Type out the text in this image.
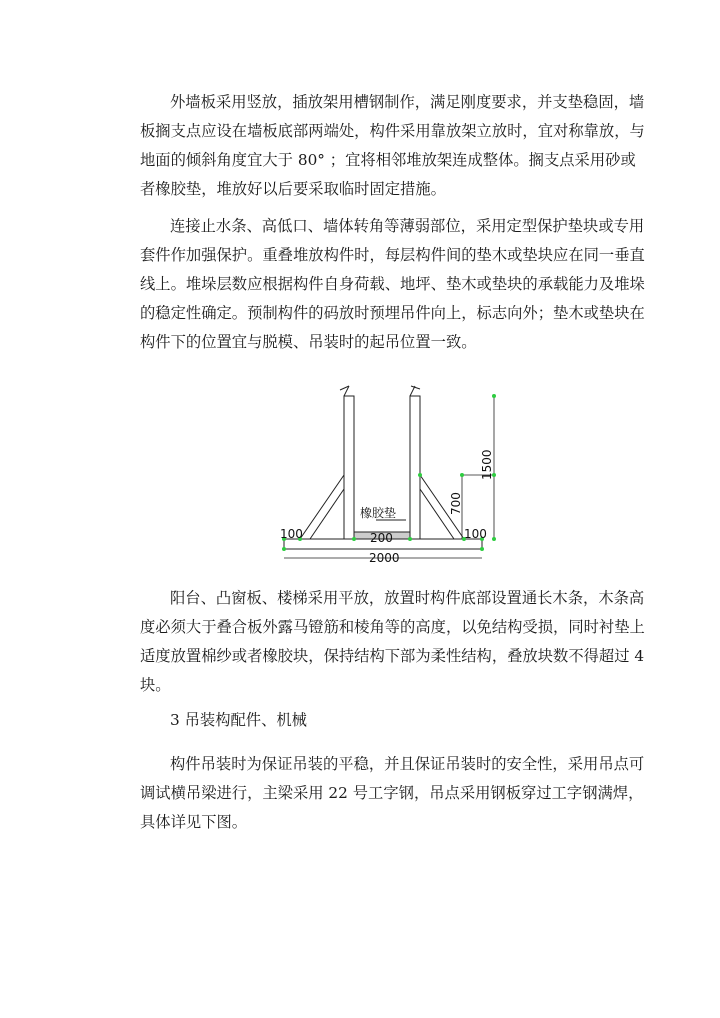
外墙板采用竖放，插放架用槽钢制作，满足刚度要求，并支垫稳固，墙
板搁支点应设在墙板底部两端处，构件采用靠放架立放时，宜对称靠放，与
地面的倾斜角度宜大于 80° ；宜将相邻堆放架连成整体。搁支点采用砂或
者橡胶垫，堆放好以后要采取临时固定措施。
连接止水条、高低口、墙体转角等薄弱部位，采用定型保护垫块或专用
套件作加强保护。重叠堆放构件时，每层构件间的垫木或垫块应在同一垂直
线上。堆垛层数应根据构件自身荷载、地坪、垫木或垫块的承载能力及堆垛
的稳定性确定。预制构件的码放时预埋吊件向上，标志向外；垫木或垫块在
构件下的位置宜与脱模、吊装时的起吊位置一致。
橡胶垫
200
100	100
2000
1500
700
阳台、凸窗板、楼梯采用平放，放置时构件底部设置通长木条，木条高
度必须大于叠合板外露马镫筋和棱角等的高度，以免结构受损，同时衬垫上
适度放置棉纱或者橡胶块，保持结构下部为柔性结构，叠放块数不得超过 4
块。

3 吊装构配件、机械

构件吊装时为保证吊装的平稳，并且保证吊装时的安全性，采用吊点可
调试横吊梁进行，主梁采用 22 号工字钢，吊点采用钢板穿过工字钢满焊，
具体详见下图。
